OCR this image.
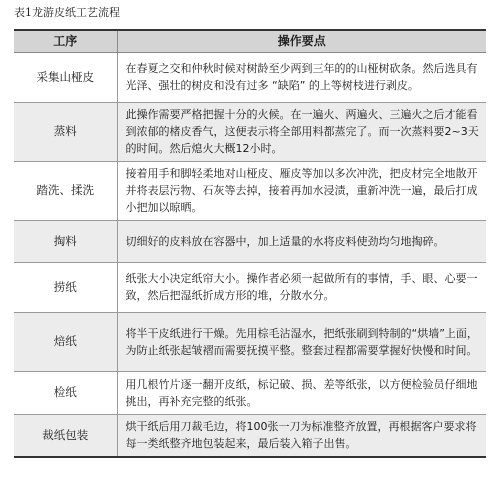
表1龙游皮纸工艺流程
工序	操作要点
采集山桠皮	在春夏之交和仲秋时候对树龄至少两到三年的的山桠树砍条。然后选具有光泽、强壮的树皮和没有过多 “缺陷” 的上等树枝进行剥皮。
蒸料	此操作需要严格把握十分的火候。在一遍火、两遍火、三遍火之后才能看到浓郁的楮皮香气，这便表示将全部用料都蒸完了。而一次蒸料要2~3天的时间。然后熄火大概12小时。
踏洗、揉洗	接着用手和脚轻柔地对山桠皮、雁皮等加以多次冲洗，把皮材完全地散开并将表层污物、石灰等去掉，接着再加水浸渍，重新冲洗一遍，最后打成小把加以晾晒。
掏料	切细好的皮料放在容器中，加上适量的水将皮料使劲均匀地掏碎。
捞纸	纸张大小决定纸帘大小。操作者必须一起做所有的事情，手、眼、心要一致，然后把湿纸折成方形的堆，分散水分。
焙纸	将半干皮纸进行干燥。先用棕毛沾湿水，把纸张刷到特制的“烘墙”上面，为防止纸张起皱褶而需要抚摸平整。整套过程都需要掌握好快慢和时间。
检纸	用几根竹片逐一翻开皮纸，标记破、损、差等纸张，以方便检验员仔细地挑出，再补充完整的纸张。
裁纸包装	烘干纸后用刀裁毛边，将100张一刀为标准整齐放置，再根据客户要求将每一类纸整齐地包装起来，最后装入箱子出售。
